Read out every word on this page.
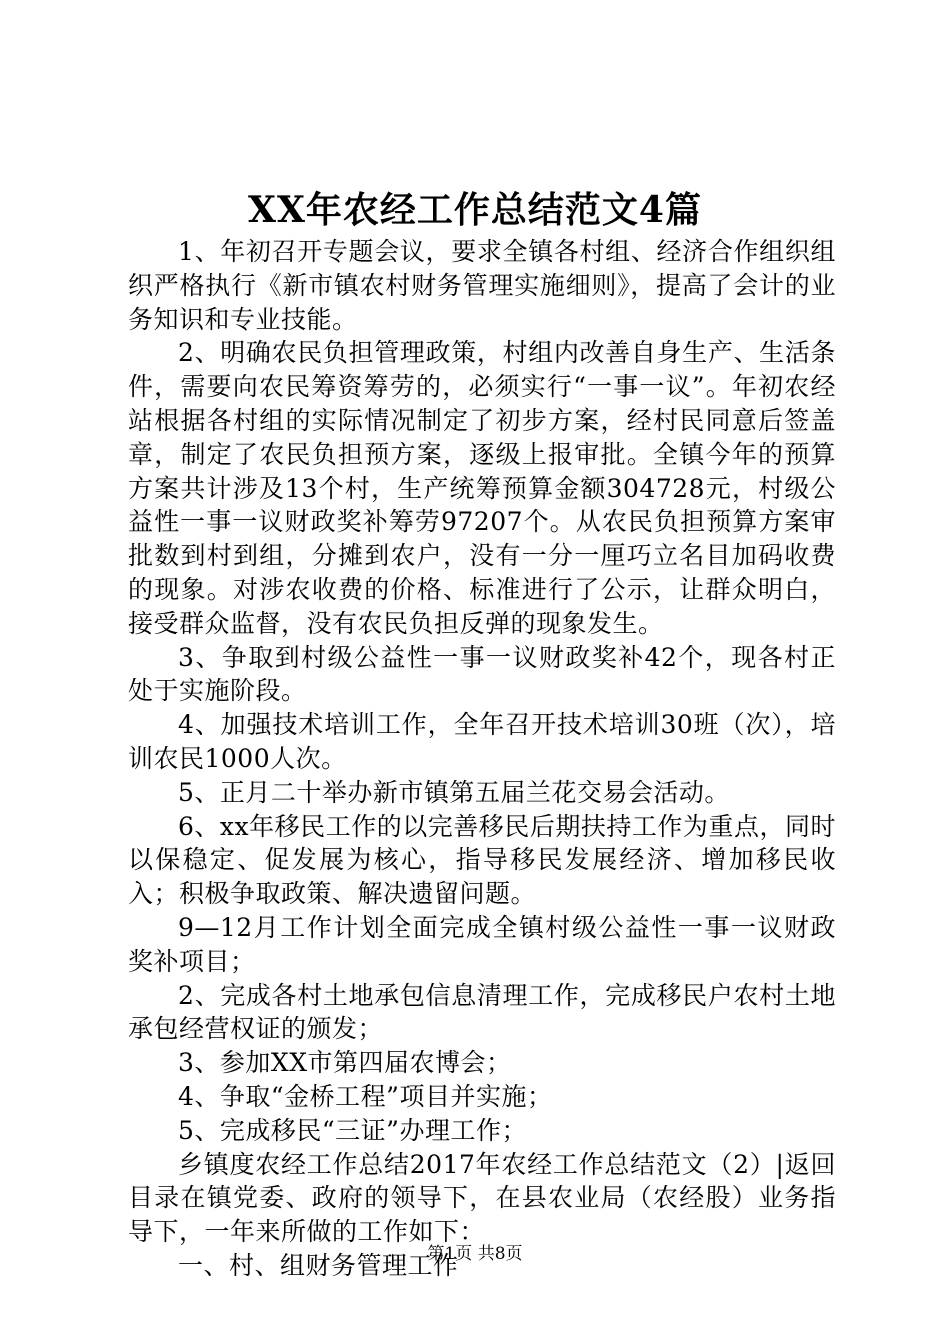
XX年农经工作总结范文4篇

1、年初召开专题会议，要求全镇各村组、经济合作组织组织严格执行《新市镇农村财务管理实施细则》，提高了会计的业务知识和专业技能。

2、明确农民负担管理政策，村组内改善自身生产、生活条件，需要向农民筹资筹劳的，必须实行“一事一议”。年初农经站根据各村组的实际情况制定了初步方案，经村民同意后签盖章，制定了农民负担预方案，逐级上报审批。全镇今年的预算方案共计涉及13个村，生产统筹预算金额304728元，村级公益性一事一议财政奖补筹劳97207个。从农民负担预算方案审批数到村到组，分摊到农户，没有一分一厘巧立名目加码收费的现象。对涉农收费的价格、标准进行了公示，让群众明白，接受群众监督，没有农民负担反弹的现象发生。

3、争取到村级公益性一事一议财政奖补42个，现各村正处于实施阶段。

4、加强技术培训工作，全年召开技术培训30班（次），培训农民1000人次。

5、正月二十举办新市镇第五届兰花交易会活动。

6、xx年移民工作的以完善移民后期扶持工作为重点，同时以保稳定、促发展为核心，指导移民发展经济、增加移民收入；积极争取政策、解决遗留问题。

9—12月工作计划全面完成全镇村级公益性一事一议财政奖补项目；

2、完成各村土地承包信息清理工作，完成移民户农村土地承包经营权证的颁发；

3、参加XX市第四届农博会；

4、争取“金桥工程”项目并实施；

5、完成移民“三证”办理工作；

乡镇度农经工作总结2017年农经工作总结范文（2）|返回目录在镇党委、政府的领导下，在县农业局（农经股）业务指导下，一年来所做的工作如下：

一、村、组财务管理工作

第1页 共8页
